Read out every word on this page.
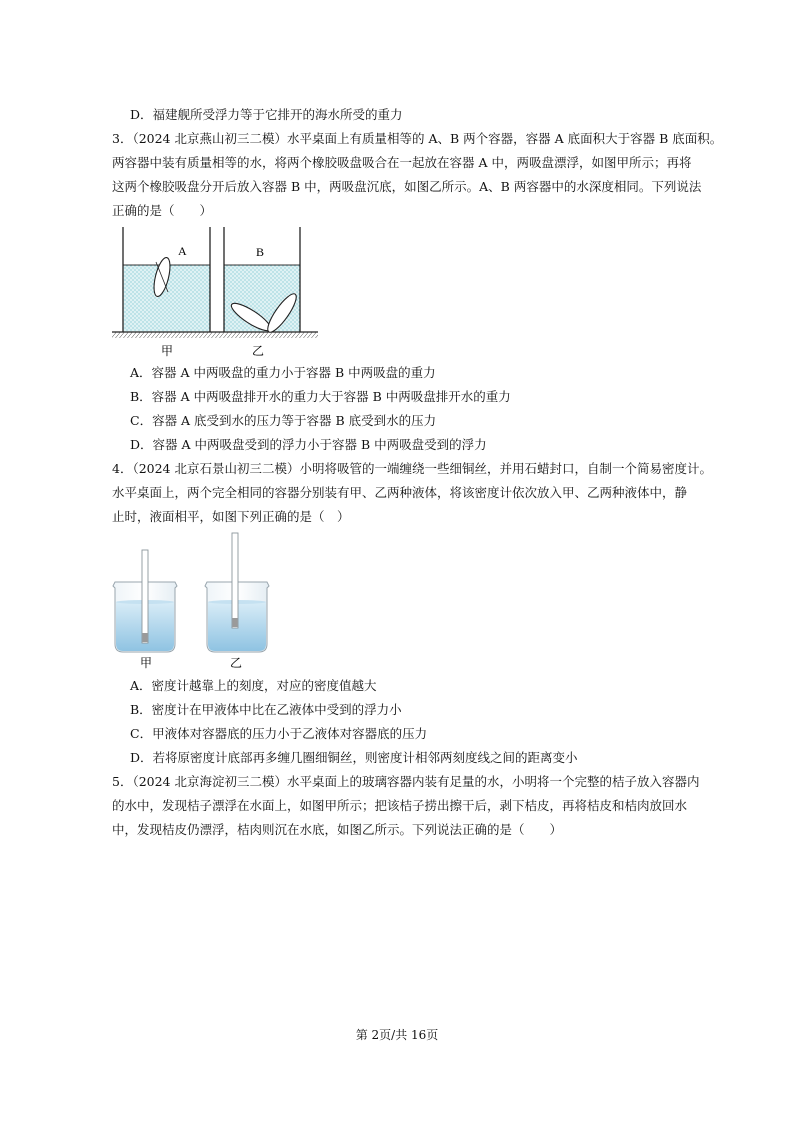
D．福建舰所受浮力等于它排开的海水所受的重力
3．（2024 北京燕山初三二模）水平桌面上有质量相等的 A、B 两个容器，容器 A 底面积大于容器 B 底面积。
两容器中装有质量相等的水，将两个橡胶吸盘吸合在一起放在容器 A 中，两吸盘漂浮，如图甲所示；再将
这两个橡胶吸盘分开后放入容器 B 中，两吸盘沉底，如图乙所示。A、B 两容器中的水深度相同。下列说法
正确的是（　　）
A	B
甲	乙
A．容器 A 中两吸盘的重力小于容器 B 中两吸盘的重力
B．容器 A 中两吸盘排开水的重力大于容器 B 中两吸盘排开水的重力
C．容器 A 底受到水的压力等于容器 B 底受到水的压力
D．容器 A 中两吸盘受到的浮力小于容器 B 中两吸盘受到的浮力
4．（2024 北京石景山初三二模）小明将吸管的一端缠绕一些细铜丝，并用石蜡封口，自制一个简易密度计。
水平桌面上，两个完全相同的容器分别装有甲、乙两种液体，将该密度计依次放入甲、乙两种液体中，静
止时，液面相平，如图下列正确的是（　）
甲	乙
A．密度计越靠上的刻度，对应的密度值越大
B．密度计在甲液体中比在乙液体中受到的浮力小
C．甲液体对容器底的压力小于乙液体对容器底的压力
D．若将原密度计底部再多缠几圈细铜丝，则密度计相邻两刻度线之间的距离变小
5．（2024 北京海淀初三二模）水平桌面上的玻璃容器内装有足量的水，小明将一个完整的桔子放入容器内
的水中，发现桔子漂浮在水面上，如图甲所示；把该桔子捞出擦干后，剥下桔皮，再将桔皮和桔肉放回水
中，发现桔皮仍漂浮，桔肉则沉在水底，如图乙所示。下列说法正确的是（　　）
第 2页/共 16页
